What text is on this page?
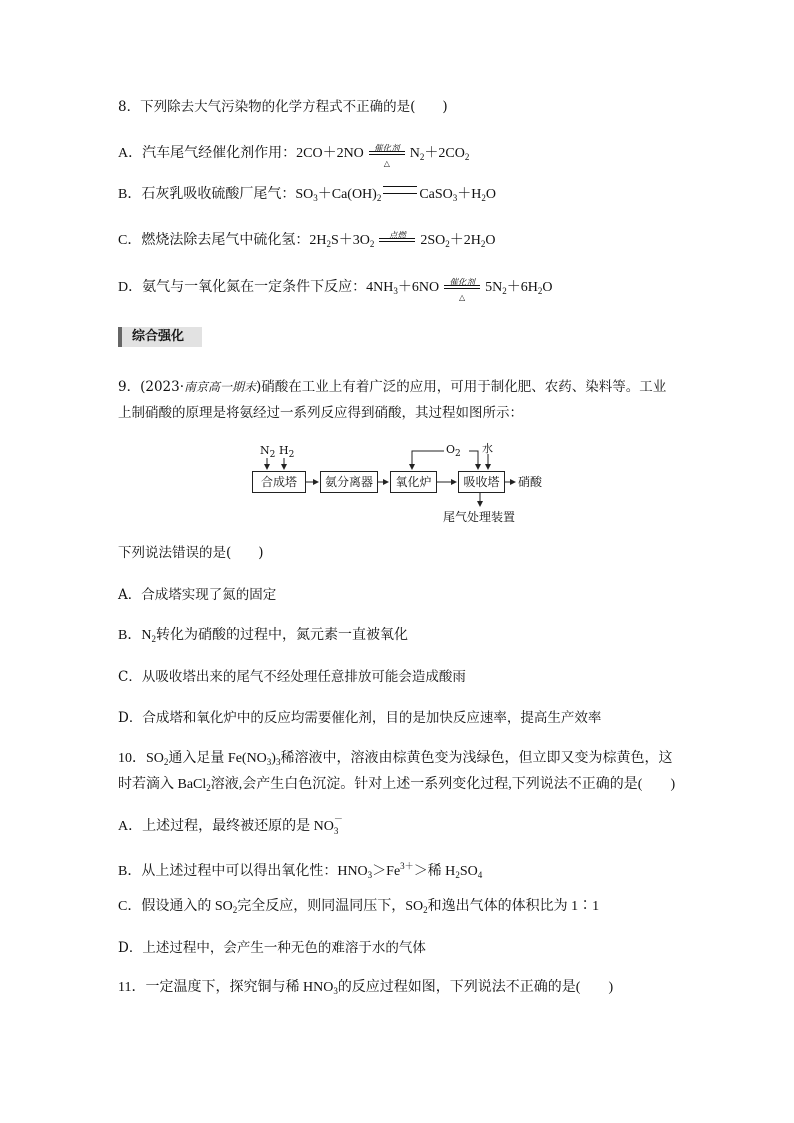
8．下列除去大气污染物的化学方程式不正确的是(　　)
A．汽车尾气经催化剂作用：2CO＋2NO	催化剂
△
$N_2+2CO_2$
B．石灰乳吸收硫酸厂尾气：$SO_3+Ca(OH)_2$	$CaSO_3+H_2O$
C．燃烧法除去尾气中硫化氢：$2H_2S+3O_2$
点燃	$2SO_2+2H_2O$
D．氨气与一氧化氮在一定条件下反应：$4NH_3+6NO$	催化剂
△
$5N_2+6H_2O$
综合强化
9．(2023·南京高一期末)硝酸在工业上有着广泛的应用，可用于制化肥、农药、染料等。工业
上制硝酸的原理是将氨经过一系列反应得到硝酸，其过程如图所示：
$N_2$ $H_2$	$O_2$ 水
合成塔	氨分离器	氧化炉	吸收塔	硝酸
尾气处理装置
下列说法错误的是(　　)
A．合成塔实现了氮的固定
B．$N_2$转化为硝酸的过程中，氮元素一直被氧化
C．从吸收塔出来的尾气不经处理任意排放可能会造成酸雨
D．合成塔和氧化炉中的反应均需要催化剂，目的是加快反应速率，提高生产效率
10．$SO_2$通入足量 $Fe(NO_3)_3$稀溶液中，溶液由棕黄色变为浅绿色，但立即又变为棕黄色，这
时若滴入 BaCl$_2$溶液,会产生白色沉淀。针对上述一系列变化过程,下列说法不正确的是(　　)
A．上述过程，最终被还原的是 NO －
3
B．从上述过程中可以得出氧化性：$HNO_3>Fe^{3+}>$稀 $H_2SO_4$
C．假设通入的 $SO_2$完全反应，则同温同压下，$SO_2$和逸出气体的体积比为 1∶1
D．上述过程中，会产生一种无色的难溶于水的气体
11．一定温度下，探究铜与稀 $HNO_3$的反应过程如图，下列说法不正确的是(　　)
